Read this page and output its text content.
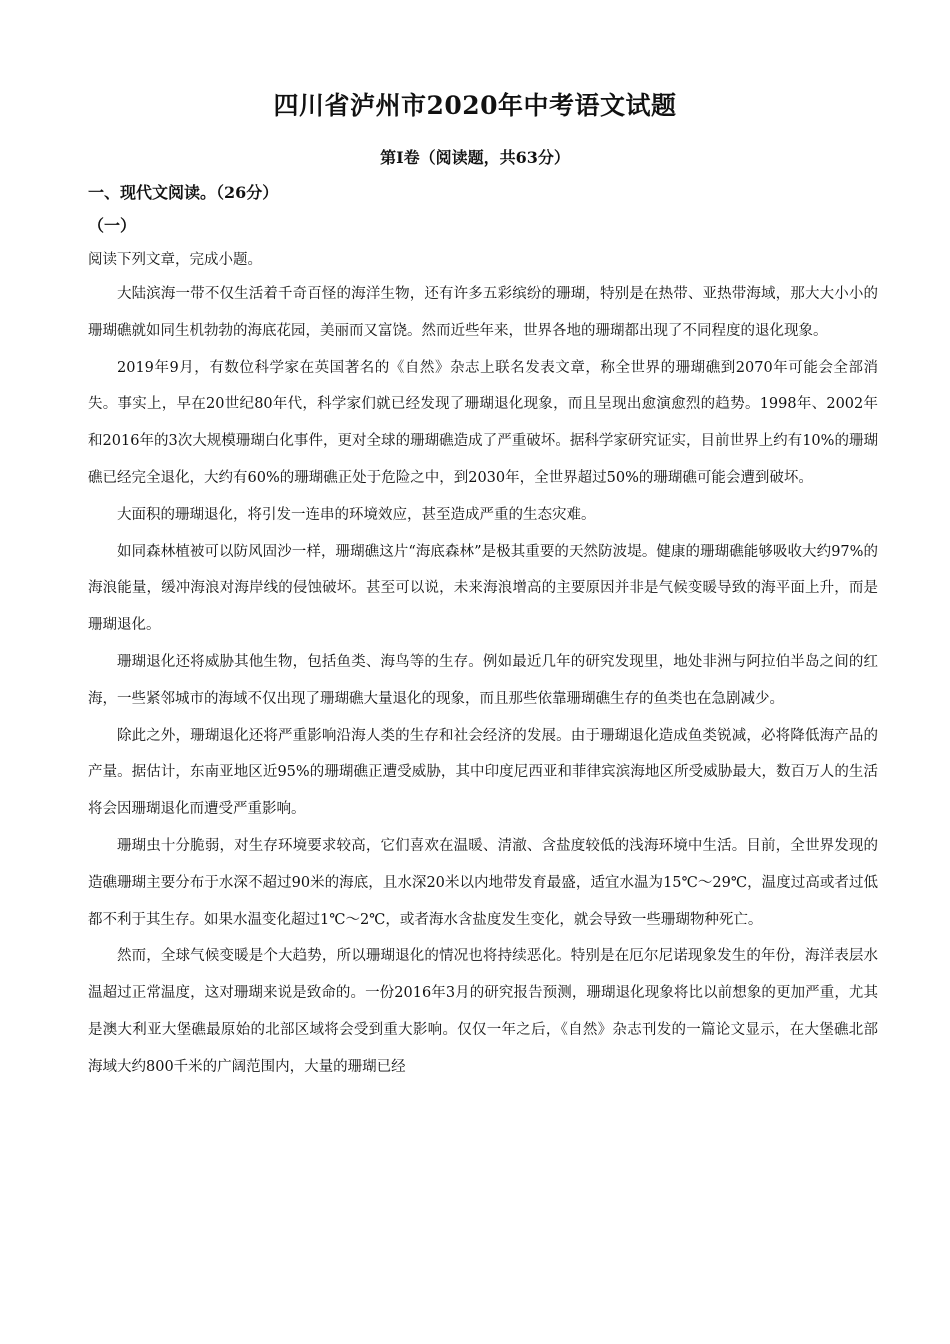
四川省泸州市2020年中考语文试题
第Ⅰ卷（阅读题，共63分）
一、现代文阅读。（26分）
（一）
阅读下列文章，完成小题。

大陆滨海一带不仅生活着千奇百怪的海洋生物，还有许多五彩缤纷的珊瑚，特别是在热带、亚热带海域，那大大小小的珊瑚礁就如同生机勃勃的海底花园，美丽而又富饶。然而近些年来，世界各地的珊瑚都出现了不同程度的退化现象。

2019年9月，有数位科学家在英国著名的《自然》杂志上联名发表文章，称全世界的珊瑚礁到2070年可能会全部消失。事实上，早在20世纪80年代，科学家们就已经发现了珊瑚退化现象，而且呈现出愈演愈烈的趋势。1998年、2002年和2016年的3次大规模珊瑚白化事件，更对全球的珊瑚礁造成了严重破坏。据科学家研究证实，目前世界上约有10%的珊瑚礁已经完全退化，大约有60%的珊瑚礁正处于危险之中，到2030年，全世界超过50%的珊瑚礁可能会遭到破坏。

大面积的珊瑚退化，将引发一连串的环境效应，甚至造成严重的生态灾难。

如同森林植被可以防风固沙一样，珊瑚礁这片“海底森林”是极其重要的天然防波堤。健康的珊瑚礁能够吸收大约97%的海浪能量，缓冲海浪对海岸线的侵蚀破坏。甚至可以说，未来海浪增高的主要原因并非是气候变暖导致的海平面上升，而是珊瑚退化。

珊瑚退化还将威胁其他生物，包括鱼类、海鸟等的生存。例如最近几年的研究发现里，地处非洲与阿拉伯半岛之间的红海，一些紧邻城市的海域不仅出现了珊瑚礁大量退化的现象，而且那些依靠珊瑚礁生存的鱼类也在急剧减少。

除此之外，珊瑚退化还将严重影响沿海人类的生存和社会经济的发展。由于珊瑚退化造成鱼类锐减，必将降低海产品的产量。据估计，东南亚地区近95%的珊瑚礁正遭受威胁，其中印度尼西亚和菲律宾滨海地区所受威胁最大，数百万人的生活将会因珊瑚退化而遭受严重影响。

珊瑚虫十分脆弱，对生存环境要求较高，它们喜欢在温暖、清澈、含盐度较低的浅海环境中生活。目前，全世界发现的造礁珊瑚主要分布于水深不超过90米的海底，且水深20米以内地带发育最盛，适宜水温为15℃～29℃，温度过高或者过低都不利于其生存。如果水温变化超过1℃～2℃，或者海水含盐度发生变化，就会导致一些珊瑚物种死亡。

然而，全球气候变暖是个大趋势，所以珊瑚退化的情况也将持续恶化。特别是在厄尔尼诺现象发生的年份，海洋表层水温超过正常温度，这对珊瑚来说是致命的。一份2016年3月的研究报告预测，珊瑚退化现象将比以前想象的更加严重，尤其是澳大利亚大堡礁最原始的北部区域将会受到重大影响。仅仅一年之后，《自然》杂志刊发的一篇论文显示，在大堡礁北部海域大约800千米的广阔范围内，大量的珊瑚已经
